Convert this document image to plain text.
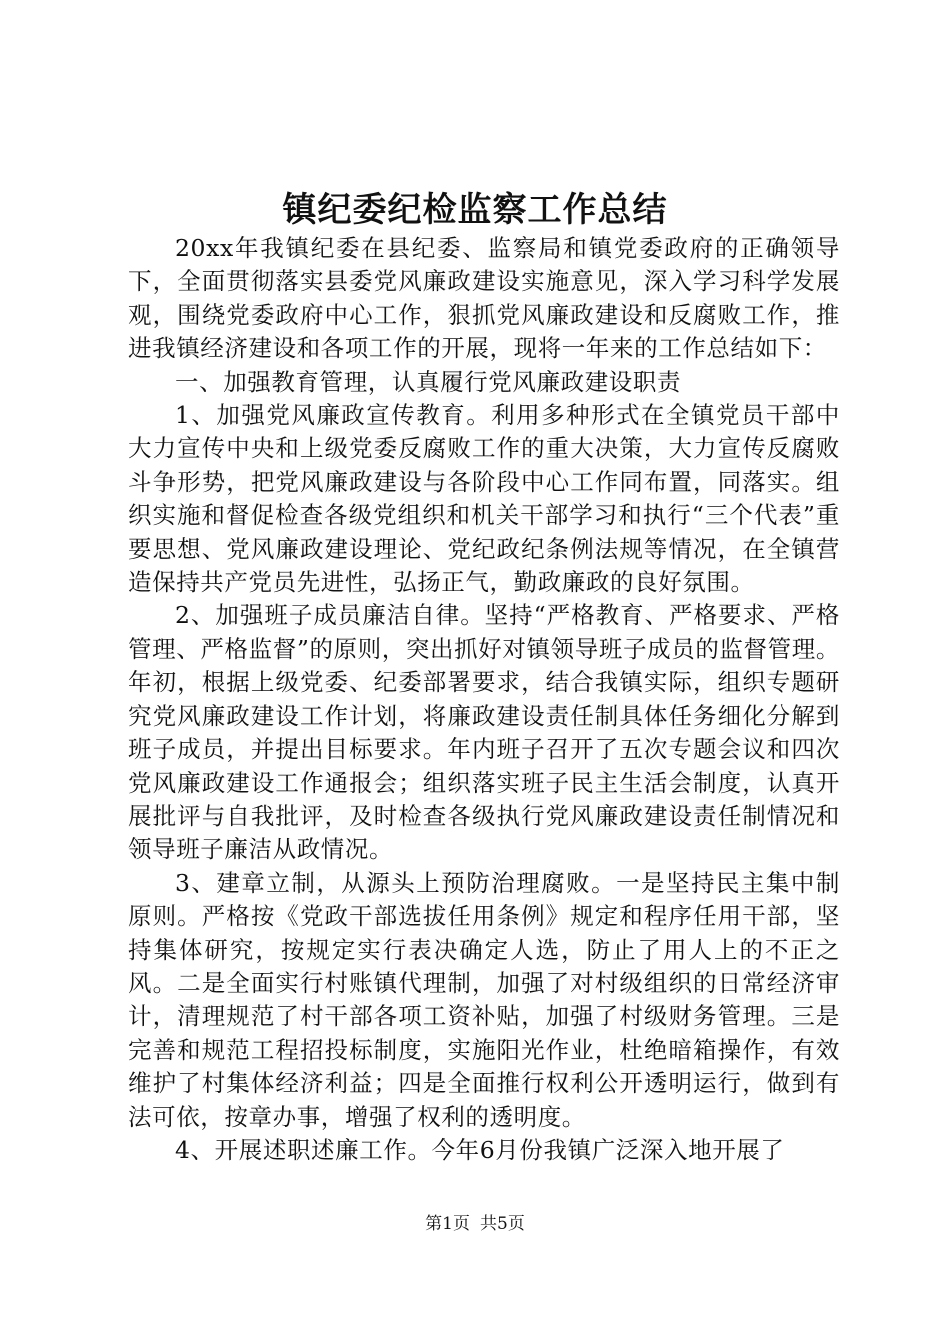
镇纪委纪检监察工作总结

20xx年我镇纪委在县纪委、监察局和镇党委政府的正确领导下，全面贯彻落实县委党风廉政建设实施意见，深入学习科学发展观，围绕党委政府中心工作，狠抓党风廉政建设和反腐败工作，推进我镇经济建设和各项工作的开展，现将一年来的工作总结如下：

一、加强教育管理，认真履行党风廉政建设职责

1、加强党风廉政宣传教育。利用多种形式在全镇党员干部中大力宣传中央和上级党委反腐败工作的重大决策，大力宣传反腐败斗争形势，把党风廉政建设与各阶段中心工作同布置，同落实。组织实施和督促检查各级党组织和机关干部学习和执行“三个代表”重要思想、党风廉政建设理论、党纪政纪条例法规等情况，在全镇营造保持共产党员先进性，弘扬正气，勤政廉政的良好氛围。

2、加强班子成员廉洁自律。坚持“严格教育、严格要求、严格管理、严格监督”的原则，突出抓好对镇领导班子成员的监督管理。年初，根据上级党委、纪委部署要求，结合我镇实际，组织专题研究党风廉政建设工作计划，将廉政建设责任制具体任务细化分解到班子成员，并提出目标要求。年内班子召开了五次专题会议和四次党风廉政建设工作通报会；组织落实班子民主生活会制度，认真开展批评与自我批评，及时检查各级执行党风廉政建设责任制情况和领导班子廉洁从政情况。

3、建章立制，从源头上预防治理腐败。一是坚持民主集中制原则。严格按《党政干部选拔任用条例》规定和程序任用干部，坚持集体研究，按规定实行表决确定人选，防止了用人上的不正之风。二是全面实行村账镇代理制，加强了对村级组织的日常经济审计，清理规范了村干部各项工资补贴，加强了村级财务管理。三是完善和规范工程招投标制度，实施阳光作业，杜绝暗箱操作，有效维护了村集体经济利益；四是全面推行权利公开透明运行，做到有法可依，按章办事，增强了权利的透明度。

4、开展述职述廉工作。今年6月份我镇广泛深入地开展了

第1页 共5页
